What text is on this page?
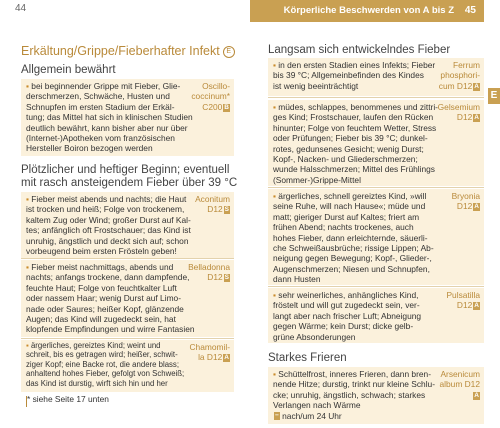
44
Erkältung/Grippe/Fieberhafter Infekt E
Allgemein bewährt
▪ bei beginnender Grippe mit Fieber, Glie-
derschmerzen, Schwäche, Husten und
Schnupfen im ersten Stadium der Erkäl-
tung; das Mittel hat sich in klinischen Studien
deutlich bewährt, kann bisher aber nur über
(Internet-)Apotheken vom französischen
Hersteller Boiron bezogen werden
Oscillo-
coccinum*
C200 B
Plötzlicher und heftiger Beginn; eventuell
mit rasch ansteigendem Fieber über 39 °C
▪ Fieber meist abends und nachts; die Haut
ist trocken und heiß; Folge von trockenem,
kaltem Zug oder Wind; großer Durst auf Kal-
tes; anfänglich oft Frostschauer; das Kind ist
unruhig, ängstlich und deckt sich auf; schon
vorbeugend beim ersten Frösteln geben!
Aconitum
D12 S
▪ Fieber meist nachmittags, abends und
nachts; anfangs trockene, dann dampfende,
feuchte Haut; Folge von feuchtkalter Luft
oder nassem Haar; wenig Durst auf Limo-
nade oder Saures; heißer Kopf, glänzende
Augen; das Kind will zugedeckt sein, hat
klopfende Empfindungen und wirre Fantasien
Belladonna
D12 S
▪ ärgerliches, gereiztes Kind; weint und
schreit, bis es getragen wird; heißer, schwit-
ziger Kopf; eine Backe rot, die andere blass;
anhaltend hohes Fieber, gefolgt von Schweiß;
das Kind ist durstig, wirft sich hin und her
Chamomil-
la D12 A
* siehe Seite 17 unten
Körperliche Beschwerden von A bis Z 45
E
Langsam sich entwickelndes Fieber
▪ in den ersten Stadien eines Infekts; Fieber
bis 39 °C; Allgemeinbefinden des Kindes
ist wenig beeinträchtigt
Ferrum
phosphori-
cum D12 A
▪ müdes, schlappes, benommenes und zittri-
ges Kind; Frostschauer, laufen den Rücken
hinunter; Folge von feuchtem Wetter, Stress
oder Prüfungen; Fieber bis 39 °C; dunkel-
rotes, gedunsenes Gesicht; wenig Durst;
Kopf-, Nacken- und Gliederschmerzen;
wunde Halsschmerzen; Mittel des Frühlings
(Sommer-)Grippe-Mittel
Gelsemium
D12 A
▪ ärgerliches, schnell gereiztes Kind, »will
seine Ruhe, will nach Hause«; müde und
matt; gieriger Durst auf Kaltes; friert am
frühen Abend; nachts trockenes, auch
hohes Fieber, dann erleichternde, säuerli-
che Schweißausbrüche; rissige Lippen; Ab-
neigung gegen Bewegung; Kopf-, Glieder-,
Augenschmerzen; Niesen und Schnupfen,
dann Husten
Bryonia
D12 A
▪ sehr weinerliches, anhängliches Kind,
fröstelt und will gut zugedeckt sein, ver-
langt aber nach frischer Luft; Abneigung
gegen Wärme; kein Durst; dicke gelb-
grüne Absonderungen
Pulsatilla
D12 A
Starkes Frieren
▪ Schüttelfrost, inneres Frieren, dann bren-
nende Hitze; durstig, trinkt nur kleine Schlu-
cke; unruhig, ängstlich, schwach; starkes
Verlangen nach Wärme
− nach/um 24 Uhr
Arsenicum
album D12
A
